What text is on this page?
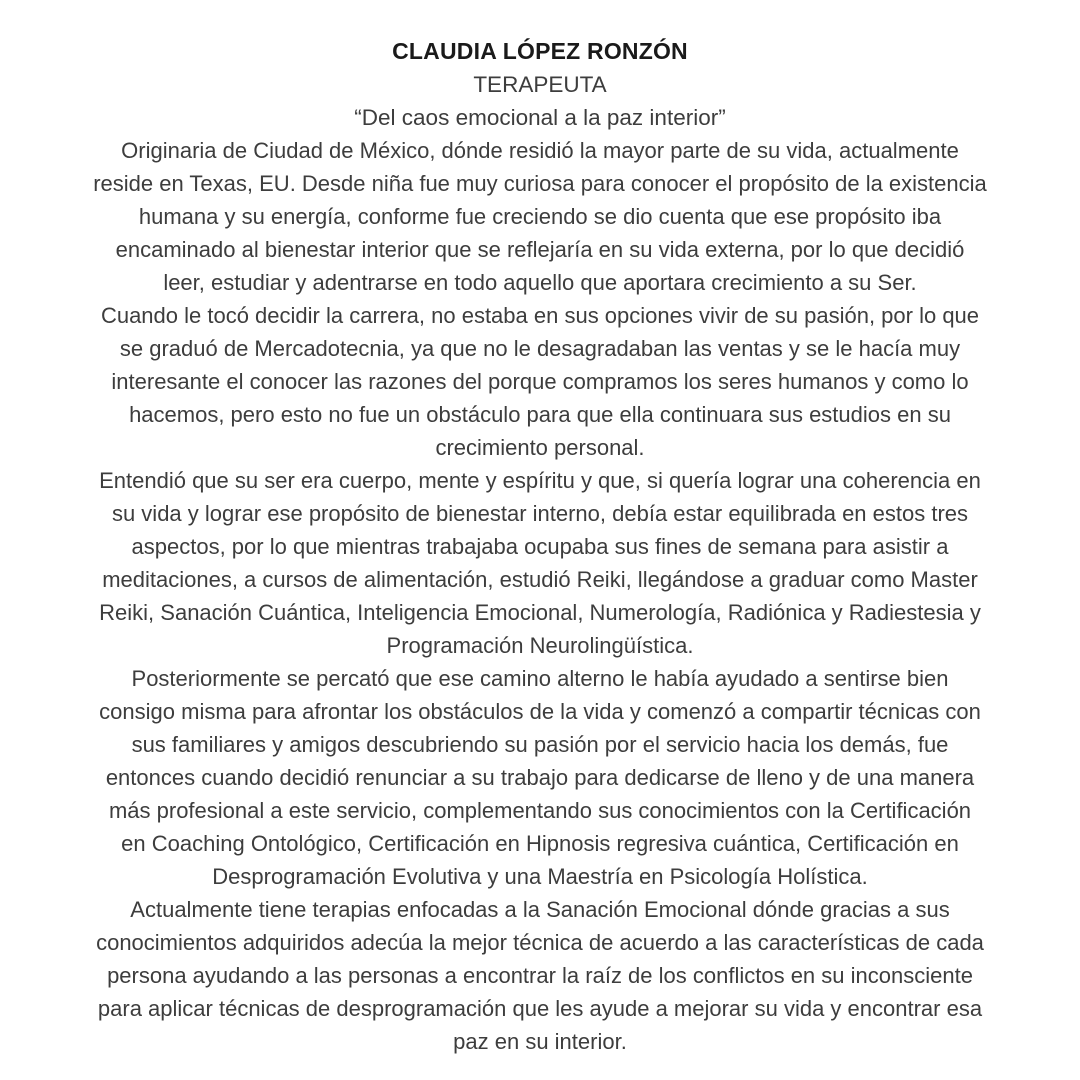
CLAUDIA LÓPEZ RONZÓN
TERAPEUTA
“Del caos emocional a la paz interior”

Originaria de Ciudad de México, dónde residió la mayor parte de su vida, actualmente
reside en Texas, EU. Desde niña fue muy curiosa para conocer el propósito de la existencia
humana y su energía, conforme fue creciendo se dio cuenta que ese propósito iba
encaminado al bienestar interior que se reflejaría en su vida externa, por lo que decidió
leer, estudiar y adentrarse en todo aquello que aportara crecimiento a su Ser.

Cuando le tocó decidir la carrera, no estaba en sus opciones vivir de su pasión, por lo que
se graduó de Mercadotecnia, ya que no le desagradaban las ventas y se le hacía muy
interesante el conocer las razones del porque compramos los seres humanos y como lo
hacemos, pero esto no fue un obstáculo para que ella continuara sus estudios en su
crecimiento personal.

Entendió que su ser era cuerpo, mente y espíritu y que, si quería lograr una coherencia en
su vida y lograr ese propósito de bienestar interno, debía estar equilibrada en estos tres
aspectos, por lo que mientras trabajaba ocupaba sus fines de semana para asistir a
meditaciones, a cursos de alimentación, estudió Reiki, llegándose a graduar como Master
Reiki, Sanación Cuántica, Inteligencia Emocional, Numerología, Radiónica y Radiestesia y
Programación Neurolingüística.

Posteriormente se percató que ese camino alterno le había ayudado a sentirse bien
consigo misma para afrontar los obstáculos de la vida y comenzó a compartir técnicas con
sus familiares y amigos descubriendo su pasión por el servicio hacia los demás, fue
entonces cuando decidió renunciar a su trabajo para dedicarse de lleno y de una manera
más profesional a este servicio, complementando sus conocimientos con la Certificación
en Coaching Ontológico, Certificación en Hipnosis regresiva cuántica, Certificación en
Desprogramación Evolutiva y una Maestría en Psicología Holística.

Actualmente tiene terapias enfocadas a la Sanación Emocional dónde gracias a sus
conocimientos adquiridos adecúa la mejor técnica de acuerdo a las características de cada
persona ayudando a las personas a encontrar la raíz de los conflictos en su inconsciente
para aplicar técnicas de desprogramación que les ayude a mejorar su vida y encontrar esa
paz en su interior.
